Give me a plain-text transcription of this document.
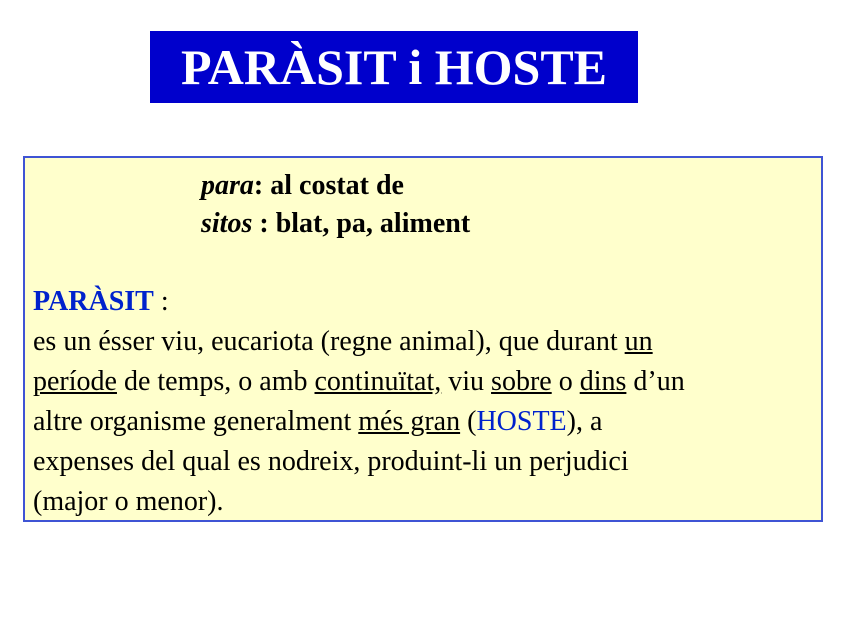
PARÀSIT i HOSTE
para: al costat de
sitos : blat, pa, aliment
PARÀSIT :
es un ésser viu, eucariota (regne animal), que durant un
període de temps, o amb continuïtat, viu sobre o dins d’un
altre organisme generalment més gran (HOSTE), a
expenses del qual es nodreix, produint-li un perjudici
(major o menor).
